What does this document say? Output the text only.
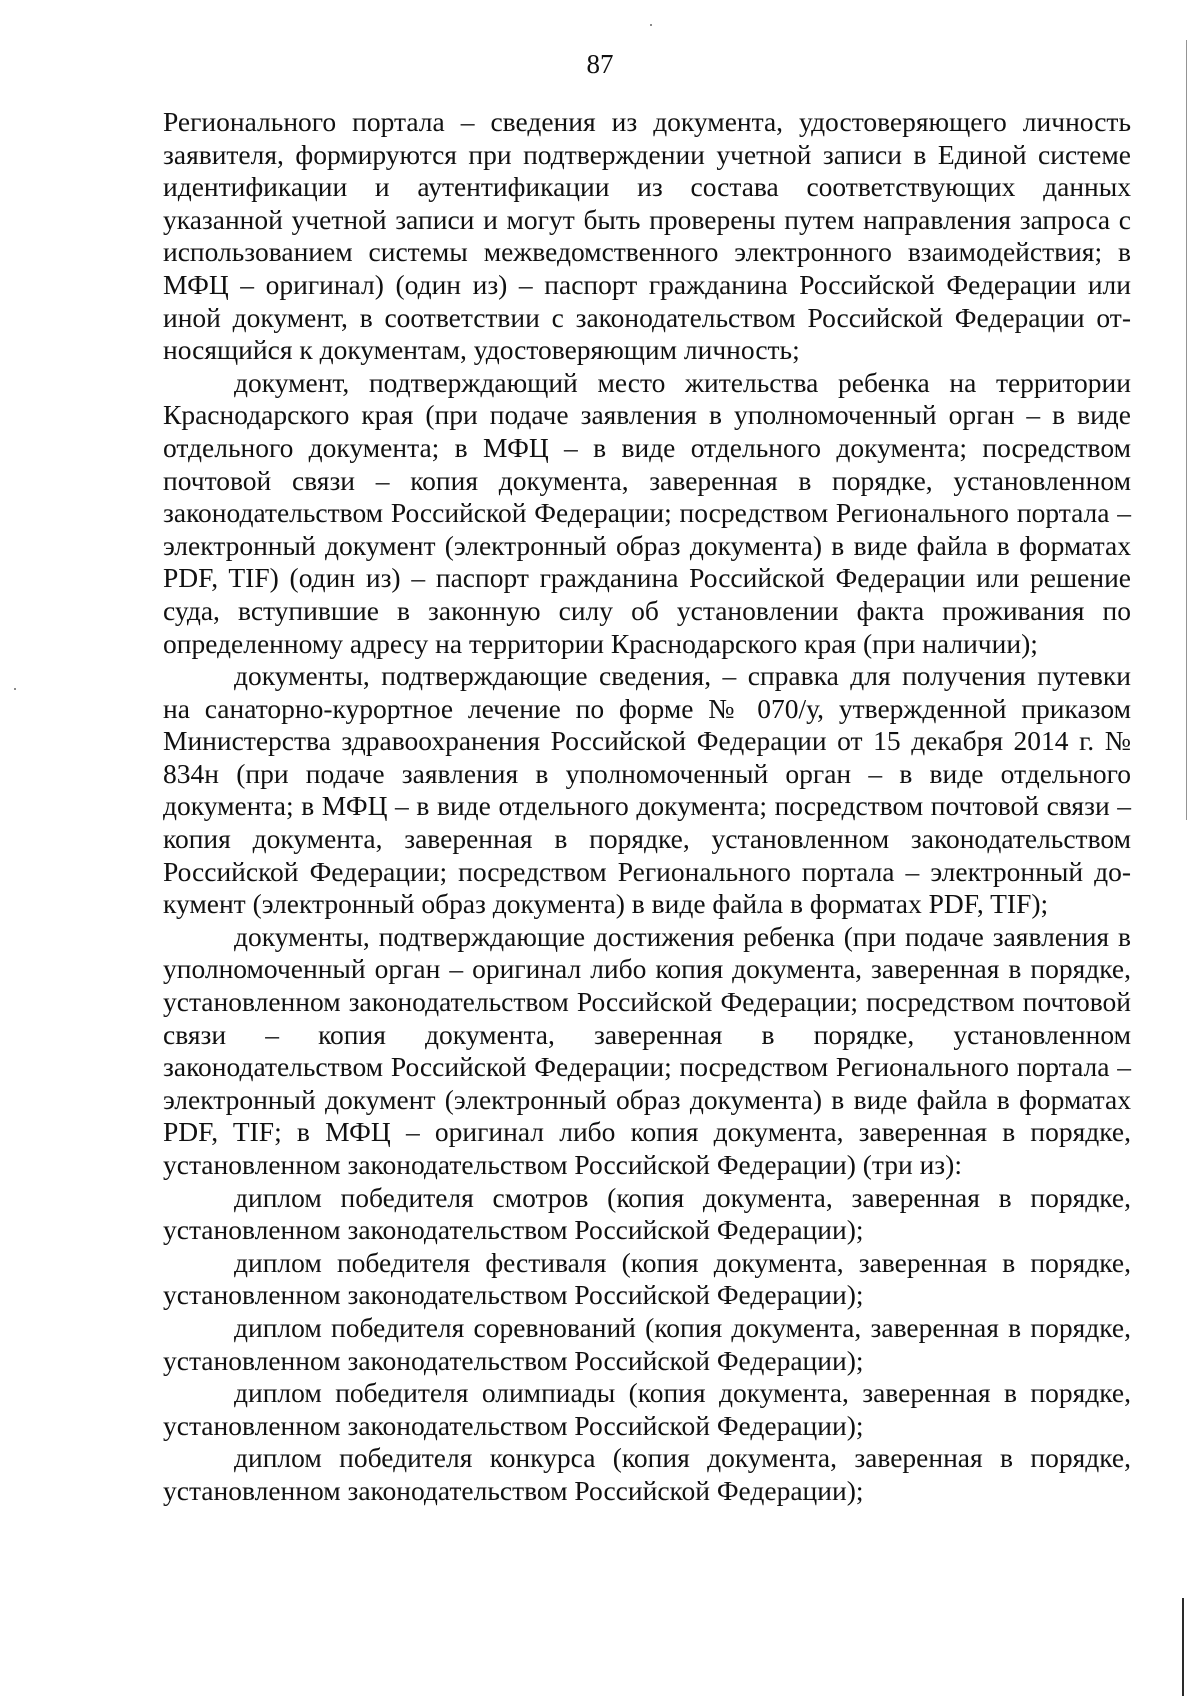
87

Регионального портала – сведения из документа, удостоверяющего личность заявителя, формируются при подтверждении учетной записи в Единой системе идентификации и аутентификации из состава соответствующих данных указанной учетной записи и могут быть проверены путем направления запроса с использованием системы межведомственного электронного взаимодействия; в МФЦ – оригинал) (один из) – паспорт гражданина Российской Федерации или иной документ, в соответствии с законодательством Российской Федерации относящийся к документам, удостоверяющим личность;

документ, подтверждающий место жительства ребенка на территории Краснодарского края (при подаче заявления в уполномоченный орган – в виде отдельного документа; в МФЦ – в виде отдельного документа; посредством почтовой связи – копия документа, заверенная в порядке, установленном законодательством Российской Федерации; посредством Регионального портала – электронный документ (электронный образ документа) в виде файла в форматах PDF, TIF) (один из) – паспорт гражданина Российской Федерации или решение суда, вступившие в законную силу об установлении факта проживания по определенному адресу на территории Краснодарского края (при наличии);

документы, подтверждающие сведения, – справка для получения путевки на санаторно-курортное лечение по форме № 070/у, утвержденной приказом Министерства здравоохранения Российской Федерации от 15 декабря 2014 г. № 834н (при подаче заявления в уполномоченный орган – в виде отдельного документа; в МФЦ – в виде отдельного документа; посредством почтовой связи – копия документа, заверенная в порядке, установленном законодательством Российской Федерации; посредством Регионального портала – электронный документ (электронный образ документа) в виде файла в форматах PDF, TIF);

документы, подтверждающие достижения ребенка (при подаче заявления в уполномоченный орган – оригинал либо копия документа, заверенная в порядке, установленном законодательством Российской Федерации; посредством почтовой связи – копия документа, заверенная в порядке, установленном законодательством Российской Федерации; посредством Регионального портала – электронный документ (электронный образ документа) в виде файла в форматах PDF, TIF; в МФЦ – оригинал либо копия документа, заверенная в порядке, установленном законодательством Российской Федерации) (три из):

диплом победителя смотров (копия документа, заверенная в порядке, установленном законодательством Российской Федерации);

диплом победителя фестиваля (копия документа, заверенная в порядке, установленном законодательством Российской Федерации);

диплом победителя соревнований (копия документа, заверенная в порядке, установленном законодательством Российской Федерации);

диплом победителя олимпиады (копия документа, заверенная в порядке, установленном законодательством Российской Федерации);

диплом победителя конкурса (копия документа, заверенная в порядке, установленном законодательством Российской Федерации);
